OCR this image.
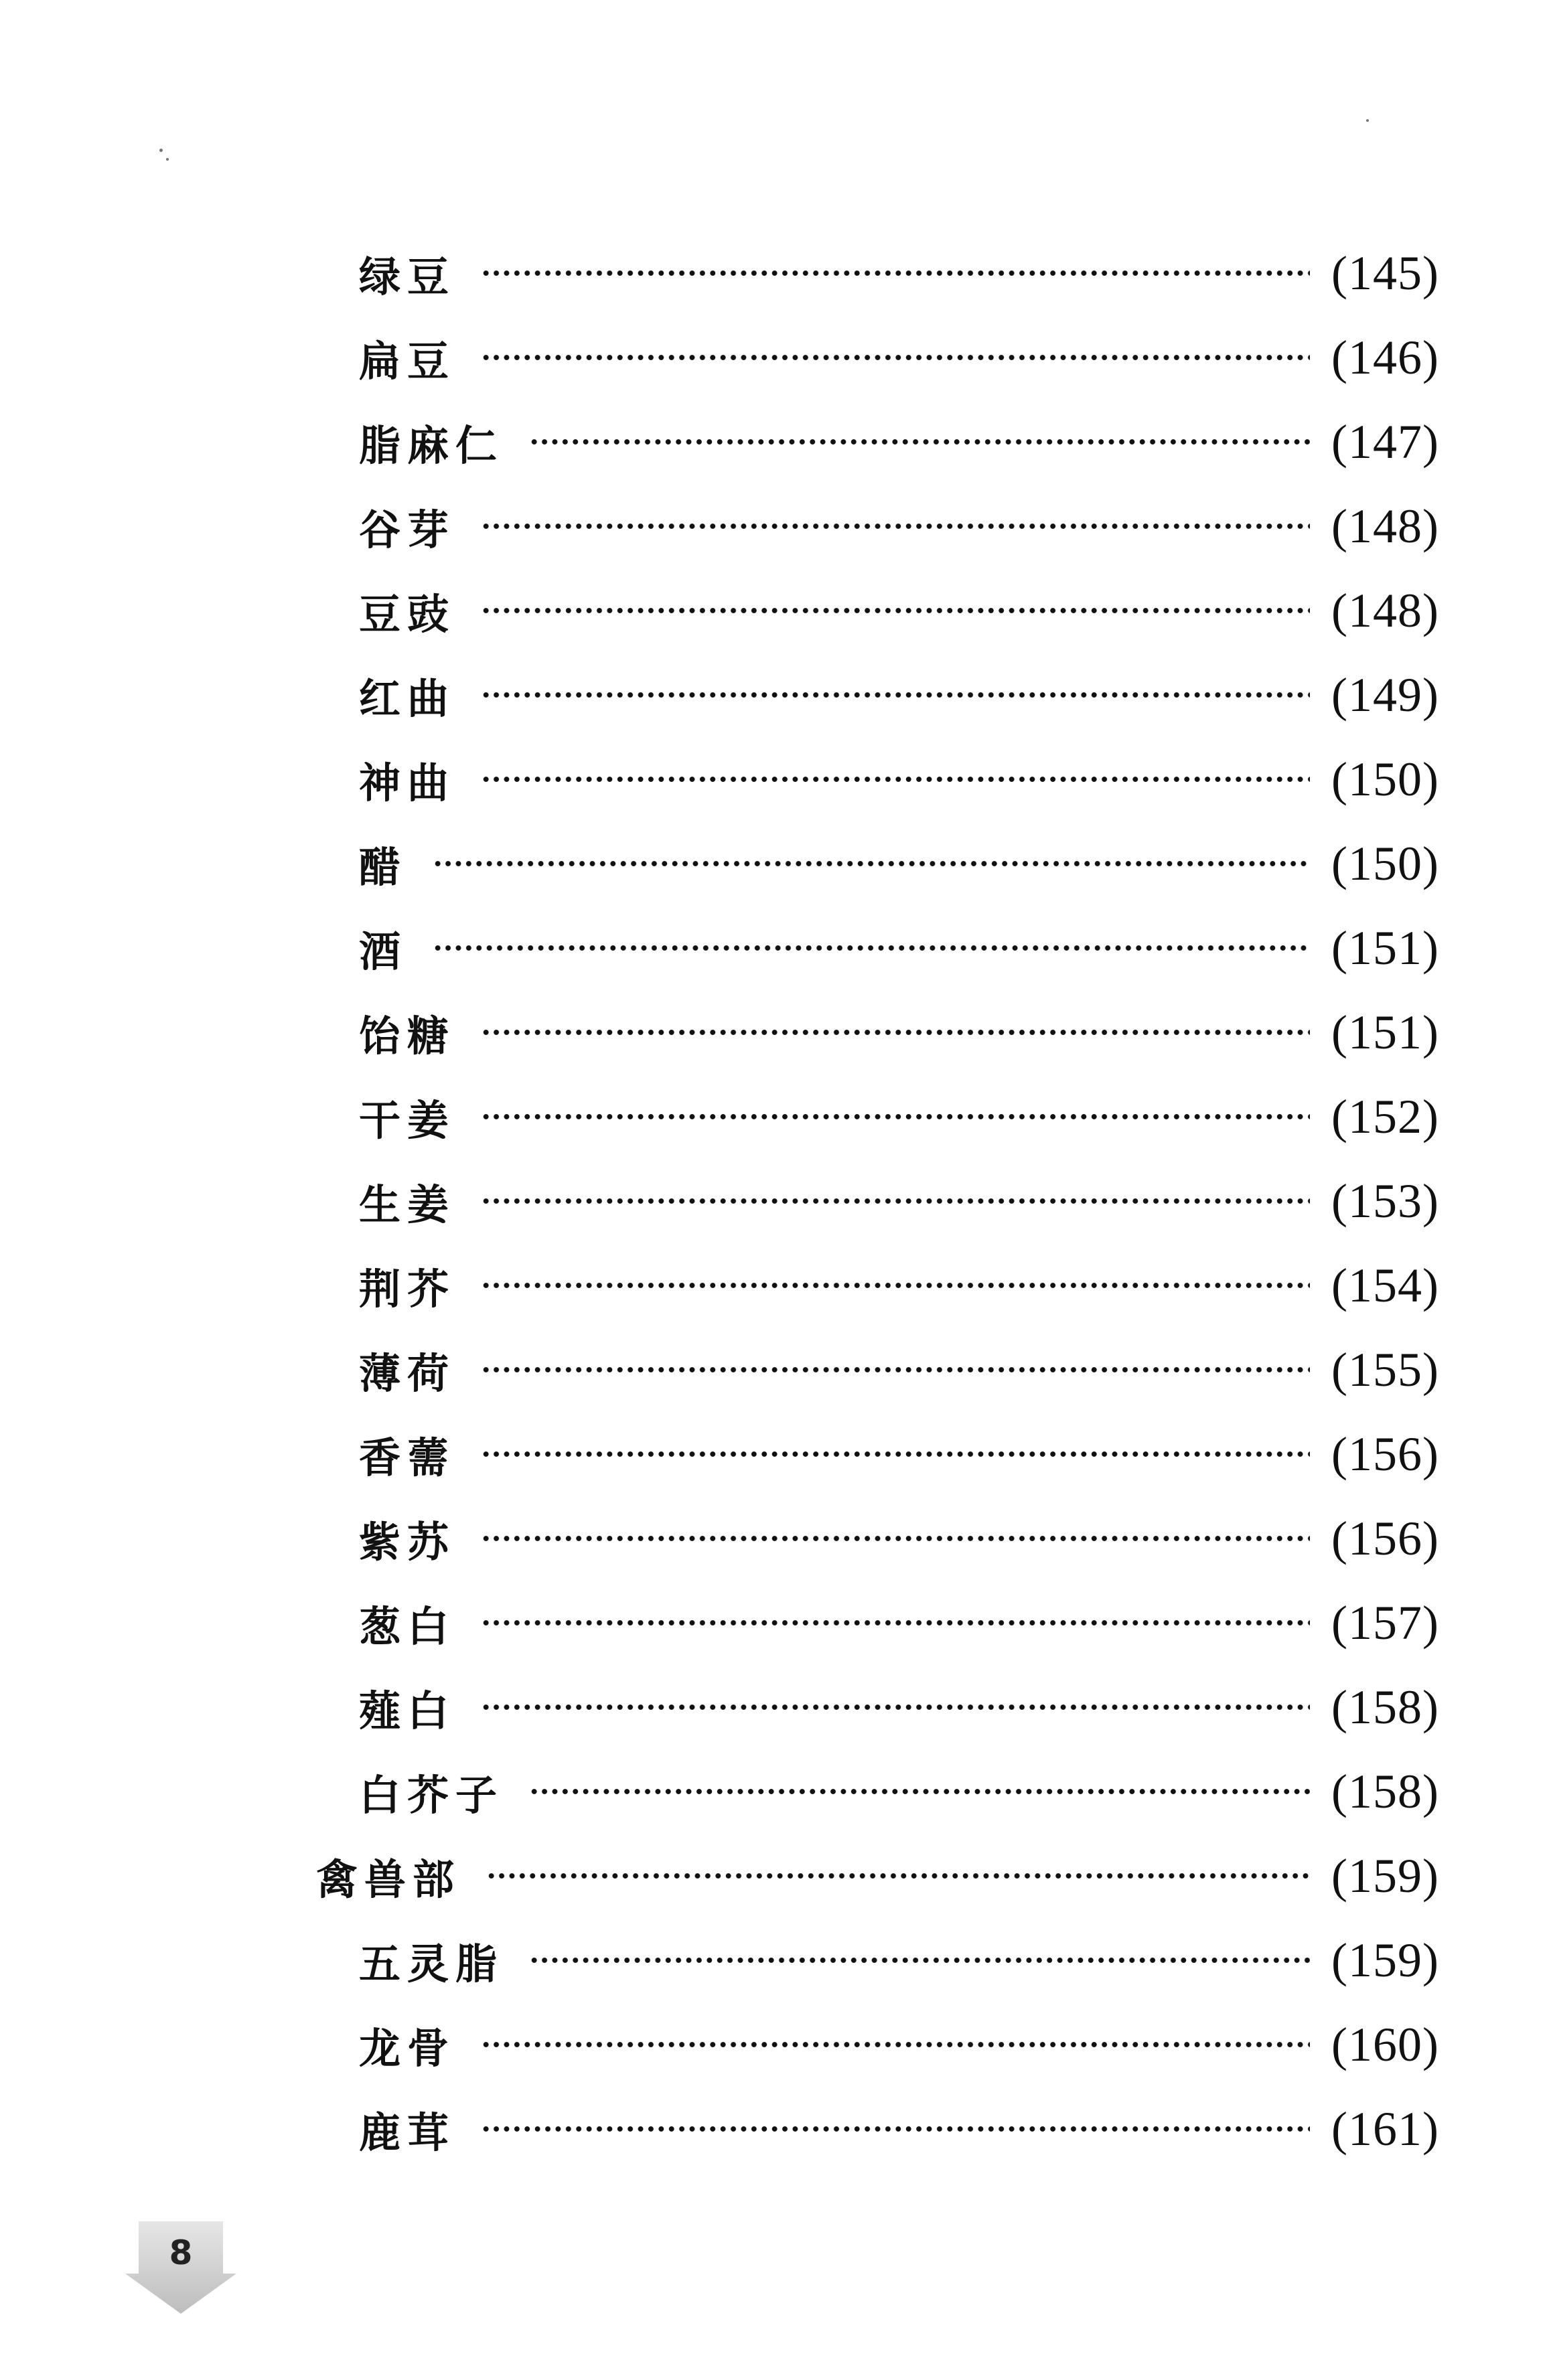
绿豆	(145)
扁豆	(146)
脂麻仁	(147)
谷芽	(148)
豆豉	(148)
红曲	(149)
神曲	(150)
醋	(150)
酒	(151)
饴糖	(151)
干姜	(152)
生姜	(153)
荆芥	(154)
薄荷	(155)
香薷	(156)
紫苏	(156)
葱白	(157)
薤白	(158)
白芥子	(158)
禽兽部	(159)
五灵脂	(159)
龙骨	(160)
鹿茸	(161)
8
